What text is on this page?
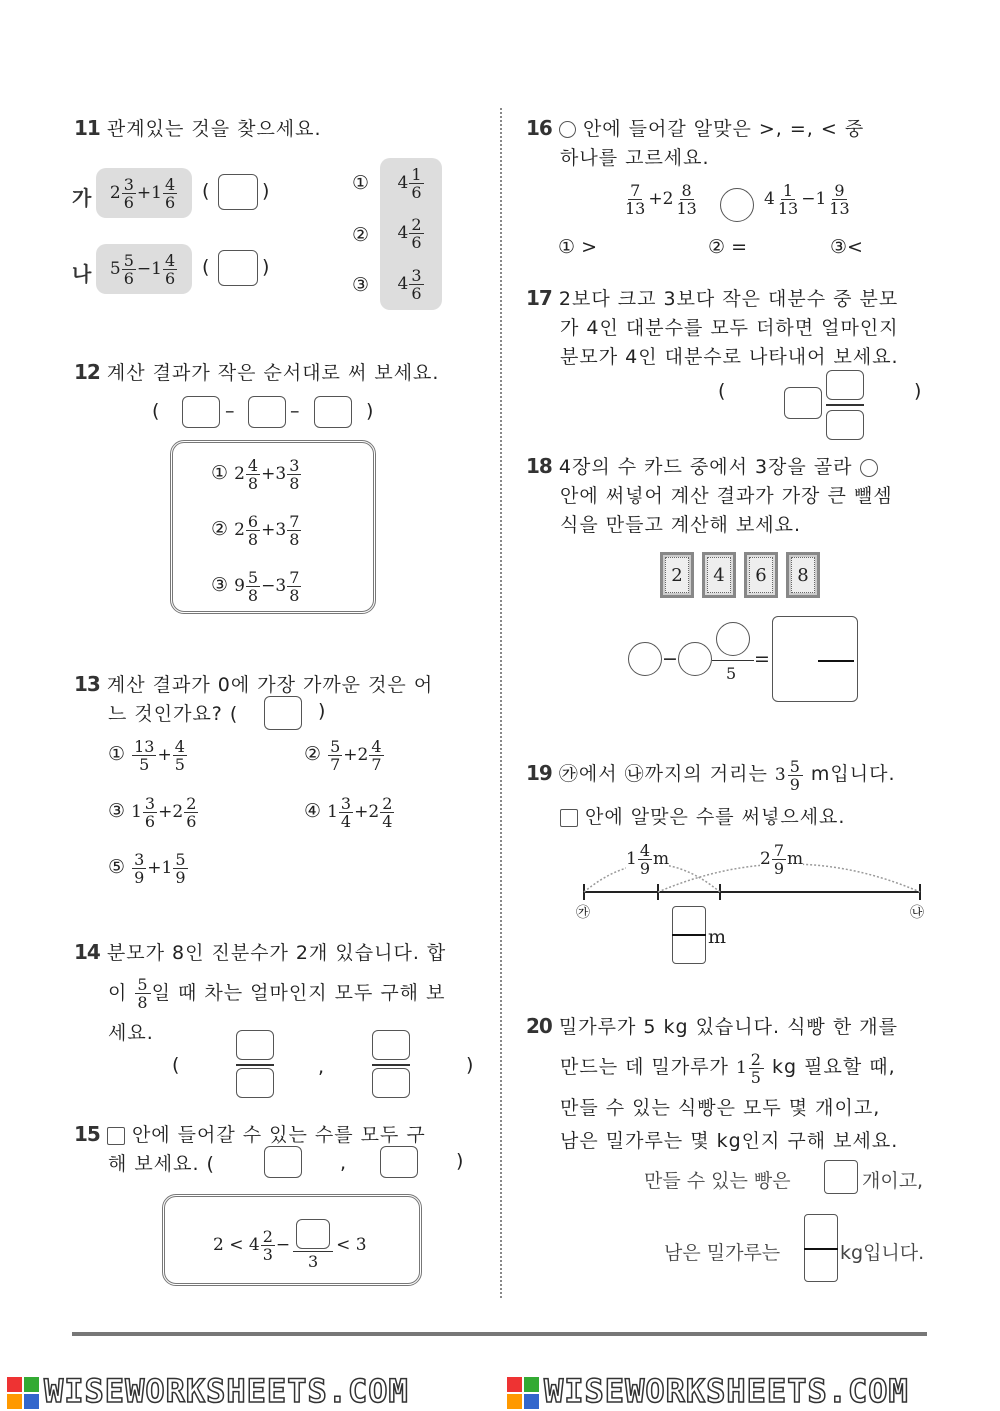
11 관계있는 것을 찾으세요.
가 $2 \frac{3}{6} +1 \frac{4}{6}$ (	)
나 $5 \frac{5}{6} -1 \frac{4}{6}$ (	)
①
②
③
$4 \frac{1}{6}$
$4 \frac{2}{6}$
$4 \frac{3}{6}$
12 계산 결과가 작은 순서대로 써 보세요.
(	–	–	)
① $2 \frac{4}{8} +3 \frac{3}{8}$
② $2 \frac{6}{8} +3 \frac{7}{8}$
③ $9 \frac{5}{8} -3 \frac{7}{8}$
13 계산 결과가 0에 가장 가까운 것은 어
느 것인가요? (	)
① $\frac{13}{5} + \frac{4}{5}$	② $\frac{5}{7} +2 \frac{4}{7}$
③ $1 \frac{3}{6} +2 \frac{2}{6}$	④ $1 \frac{3}{4} +2 \frac{2}{4}$
⑤ $\frac{3}{9} +1 \frac{5}{9}$
14 분모가 8인 진분수가 2개 있습니다. 합
이 $\frac{5}{8}$ 일 때 차는 얼마인지 모두 구해 보
세요.
(	,	)
15 안에 들어갈 수 있는 수를 모두 구
해 보세요. (	,	)
2 <
$4 \frac{2}{3}$ −
3
< 3
16 안에 들어갈 알맞은 >, =, < 중
하나를 고르세요.
$\frac{7}{13} +2 \frac{8}{13}$	$4 \frac{1}{13} -1 \frac{9}{13}$
① >	② =	③<
17 2보다 크고 3보다 작은 대분수 중 분모
가 4인 대분수를 모두 더하면 얼마인지
분모가 4인 대분수로 나타내어 보세요.
(	)
18 4장의 수 카드 중에서 3장을 골라
안에 써넣어 계산 결과가 가장 큰 뺄셈
식을 만들고 계산해 보세요.
2	4	6	8
−
5
=
19 ㉮에서 ㉯까지의 거리는 $3 \frac{5}{9}$ m입니다.
안에 알맞은 수를 써넣으세요.
$1 \frac{4}{9}$ m	$2 \frac{7}{9}$ m
㉮	㉯
m
20 밀가루가 5 kg 있습니다. 식빵 한 개를
만드는 데 밀가루가 $1 \frac{2}{5}$ kg 필요할 때,
만들 수 있는 식빵은 모두 몇 개이고,
남은 밀가루는 몇 kg인지 구해 보세요.
만들 수 있는 빵은	개이고,
남은 밀가루는	kg입니다.
WISEWORKSHEETS.COM	WISEWORKSHEETS.COM
